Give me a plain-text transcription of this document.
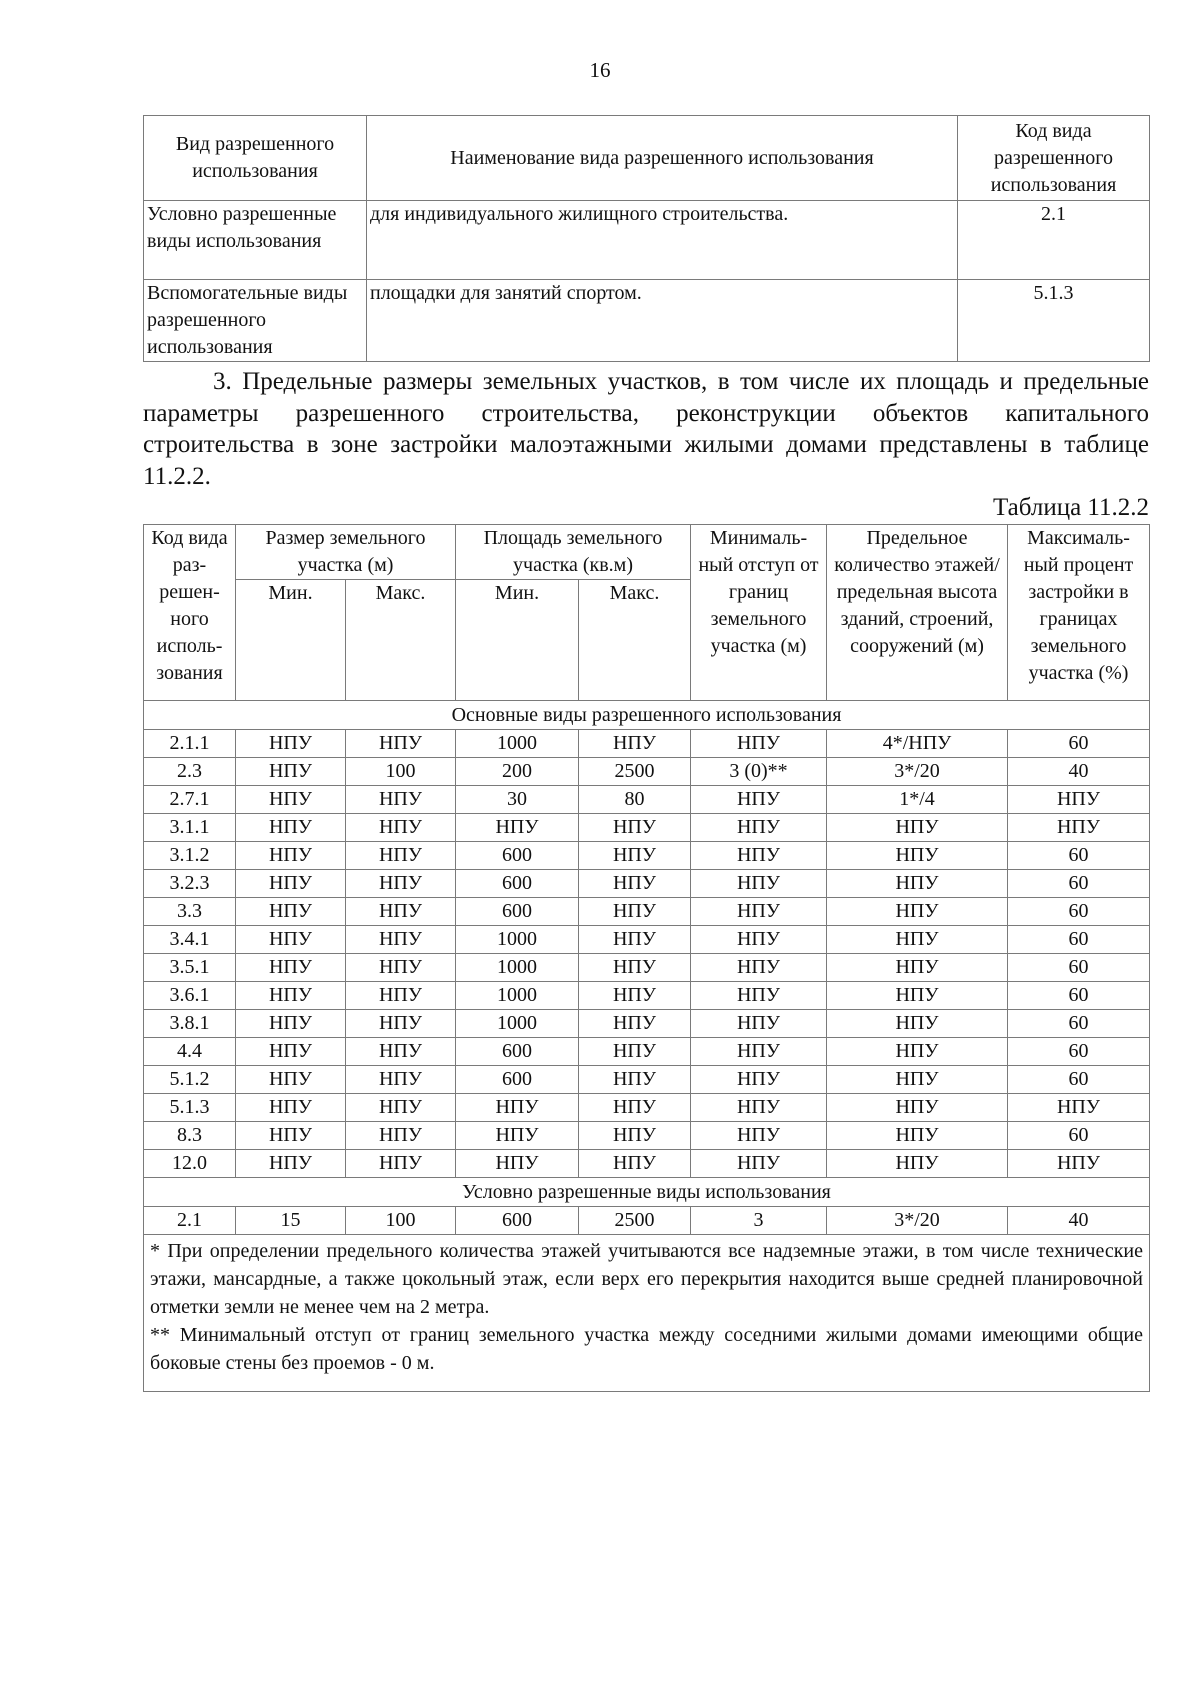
16
Вид разрешенного использования	Наименование вида разрешенного использования	Код вида разрешенного использования
Условно разрешенные виды использования	для индивидуального жилищного строительства.	2.1
Вспомогательные виды разрешенного использования	площадки для занятий спортом.	5.1.3
3. Предельные размеры земельных участков, в том числе их площадь и предельные параметры разрешенного строительства, реконструкции объектов капитального строительства в зоне застройки малоэтажными жилыми домами представлены в таблице 11.2.2.
Таблица 11.2.2
Код вида раз- решен- ного исполь- зования	Размер земельного участка (м)		Площадь земельного участка (кв.м)		Минималь- ный отступ от границ земельного участка (м)	Предельное количество этажей/ предельная высота зданий, строений, сооружений (м)	Максималь- ный процент застройки в границах земельного участка (%)
	Мин.	Макс.	Мин.	Макс.			
Основные виды разрешенного использования							
2.1.1	НПУ	НПУ	1000	НПУ	НПУ	4*/НПУ	60
2.3	НПУ	100	200	2500	3 (0)**	3*/20	40
2.7.1	НПУ	НПУ	30	80	НПУ	1*/4	НПУ
3.1.1	НПУ	НПУ	НПУ	НПУ	НПУ	НПУ	НПУ
3.1.2	НПУ	НПУ	600	НПУ	НПУ	НПУ	60
3.2.3	НПУ	НПУ	600	НПУ	НПУ	НПУ	60
3.3	НПУ	НПУ	600	НПУ	НПУ	НПУ	60
3.4.1	НПУ	НПУ	1000	НПУ	НПУ	НПУ	60
3.5.1	НПУ	НПУ	1000	НПУ	НПУ	НПУ	60
3.6.1	НПУ	НПУ	1000	НПУ	НПУ	НПУ	60
3.8.1	НПУ	НПУ	1000	НПУ	НПУ	НПУ	60
4.4	НПУ	НПУ	600	НПУ	НПУ	НПУ	60
5.1.2	НПУ	НПУ	600	НПУ	НПУ	НПУ	60
5.1.3	НПУ	НПУ	НПУ	НПУ	НПУ	НПУ	НПУ
8.3	НПУ	НПУ	НПУ	НПУ	НПУ	НПУ	60
12.0	НПУ	НПУ	НПУ	НПУ	НПУ	НПУ	НПУ
Условно разрешенные виды использования							
2.1	15	100	600	2500	3	3*/20	40

* При определении предельного количества этажей учитываются все надземные этажи, в том числе технические этажи, мансардные, а также цокольный этаж, если верх его перекрытия находится выше средней планировочной отметки земли не менее чем на 2 метра.
** Минимальный отступ от границ земельного участка между соседними жилыми домами имеющими общие боковые стены без проемов - 0 м.							
